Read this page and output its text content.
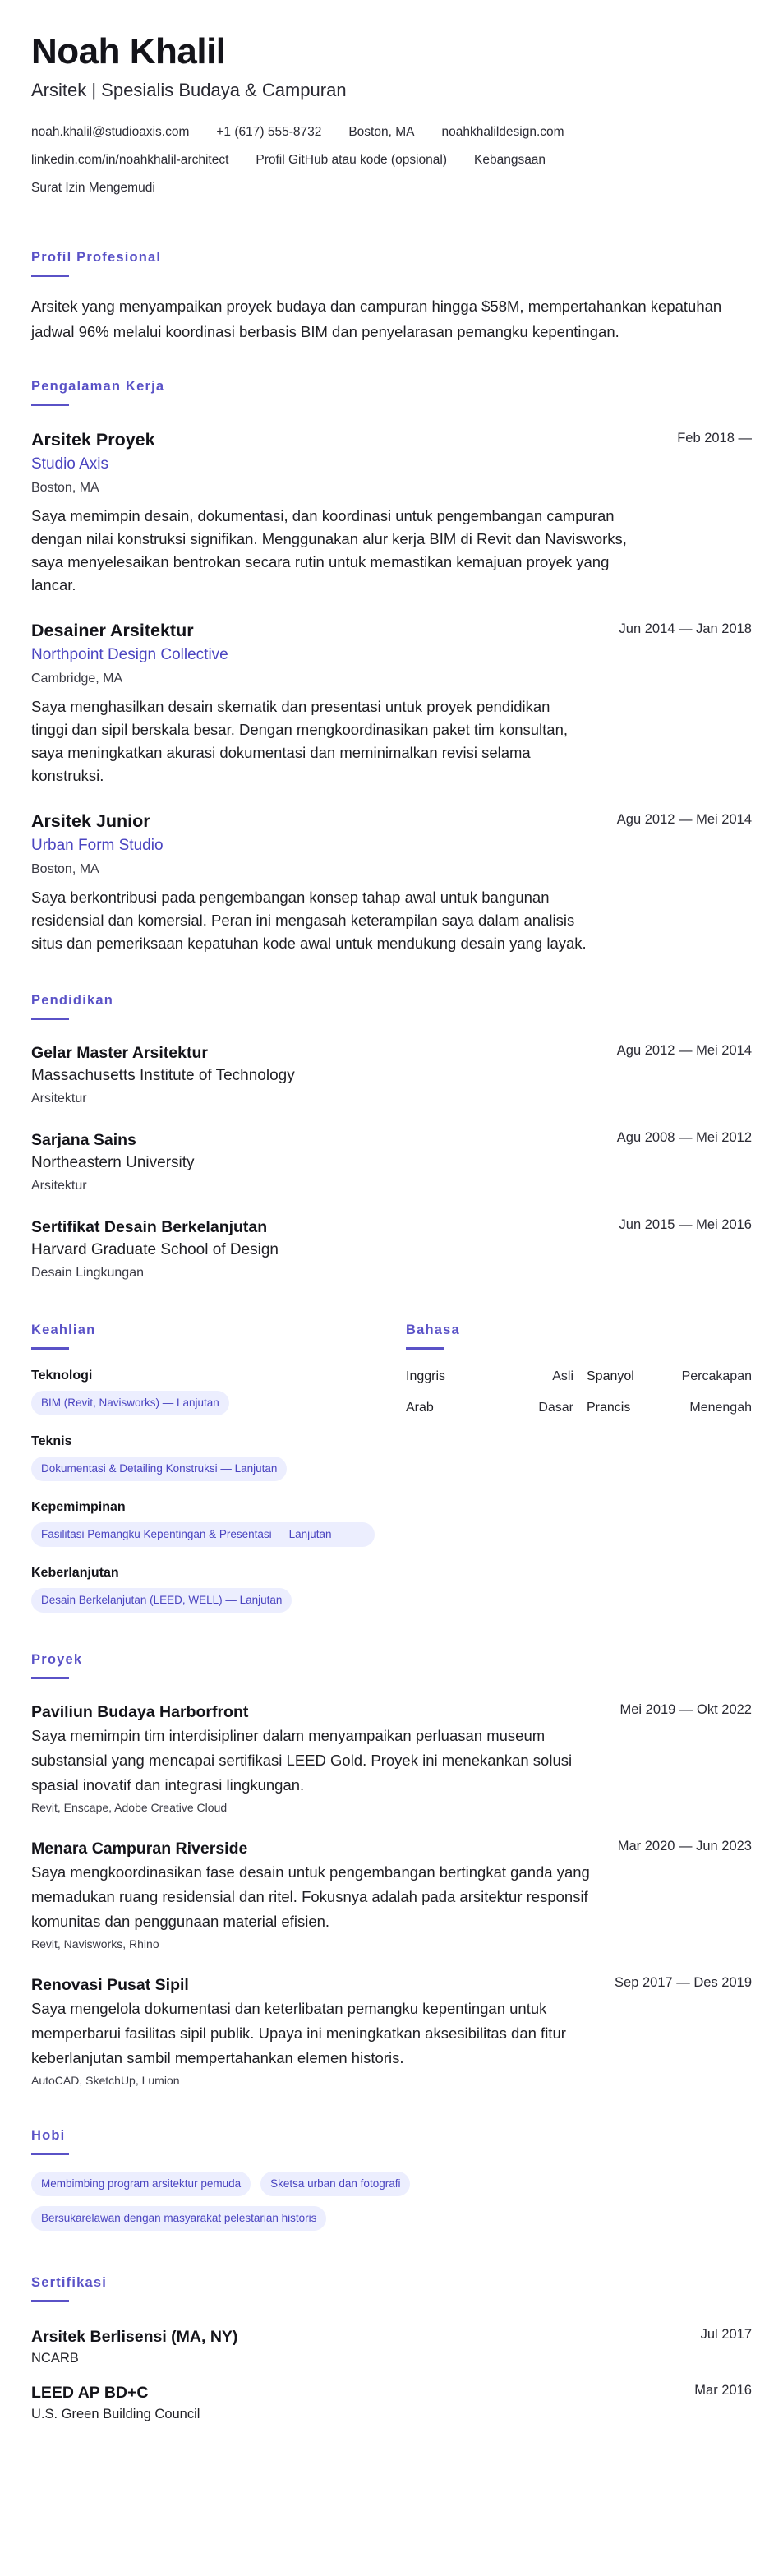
Noah Khalil
Arsitek | Spesialis Budaya & Campuran
noah.khalil@studioaxis.com +1 (617) 555-8732 Boston, MA noahkhalildesign.com
linkedin.com/in/noahkhalil-architect Profil GitHub atau kode (opsional) Kebangsaan
Surat Izin Mengemudi
Profil Profesional
Arsitek yang menyampaikan proyek budaya dan campuran hingga $58M, mempertahankan kepatuhan jadwal 96% melalui koordinasi berbasis BIM dan penyelarasan pemangku kepentingan.
Pengalaman Kerja
Arsitek Proyek
Studio Axis
Boston, MA
Feb 2018 —
Saya memimpin desain, dokumentasi, dan koordinasi untuk pengembangan campuran dengan nilai konstruksi signifikan. Menggunakan alur kerja BIM di Revit dan Navisworks, saya menyelesaikan bentrokan secara rutin untuk memastikan kemajuan proyek yang lancar.
Desainer Arsitektur
Northpoint Design Collective
Cambridge, MA
Jun 2014 — Jan 2018
Saya menghasilkan desain skematik dan presentasi untuk proyek pendidikan tinggi dan sipil berskala besar. Dengan mengkoordinasikan paket tim konsultan, saya meningkatkan akurasi dokumentasi dan meminimalkan revisi selama konstruksi.
Arsitek Junior
Urban Form Studio
Boston, MA
Agu 2012 — Mei 2014
Saya berkontribusi pada pengembangan konsep tahap awal untuk bangunan residensial dan komersial. Peran ini mengasah keterampilan saya dalam analisis situs dan pemeriksaan kepatuhan kode awal untuk mendukung desain yang layak.
Pendidikan
Gelar Master Arsitektur
Massachusetts Institute of Technology
Arsitektur
Agu 2012 — Mei 2014
Sarjana Sains
Northeastern University
Arsitektur
Agu 2008 — Mei 2012
Sertifikat Desain Berkelanjutan
Harvard Graduate School of Design
Desain Lingkungan
Jun 2015 — Mei 2016
Keahlian
Teknologi
BIM (Revit, Navisworks) — Lanjutan
Teknis
Dokumentasi & Detailing Konstruksi — Lanjutan
Kepemimpinan
Fasilitasi Pemangku Kepentingan & Presentasi — Lanjutan
Keberlanjutan
Desain Berkelanjutan (LEED, WELL) — Lanjutan
Bahasa
Inggris	Asli	Spanyol	Percakapan
Arab	Dasar	Prancis	Menengah
Proyek
Paviliun Budaya Harborfront	Mei 2019 — Okt 2022
Saya memimpin tim interdisipliner dalam menyampaikan perluasan museum substansial yang mencapai sertifikasi LEED Gold. Proyek ini menekankan solusi spasial inovatif dan integrasi lingkungan.
Revit, Enscape, Adobe Creative Cloud
Menara Campuran Riverside	Mar 2020 — Jun 2023
Saya mengkoordinasikan fase desain untuk pengembangan bertingkat ganda yang memadukan ruang residensial dan ritel. Fokusnya adalah pada arsitektur responsif komunitas dan penggunaan material efisien.
Revit, Navisworks, Rhino
Renovasi Pusat Sipil	Sep 2017 — Des 2019
Saya mengelola dokumentasi dan keterlibatan pemangku kepentingan untuk memperbarui fasilitas sipil publik. Upaya ini meningkatkan aksesibilitas dan fitur keberlanjutan sambil mempertahankan elemen historis.
AutoCAD, SketchUp, Lumion
Hobi
Membimbing program arsitektur pemuda	Sketsa urban dan fotografi
Bersukarelawan dengan masyarakat pelestarian historis
Sertifikasi
Arsitek Berlisensi (MA, NY)
NCARB
Jul 2017
LEED AP BD+C
U.S. Green Building Council
Mar 2016
